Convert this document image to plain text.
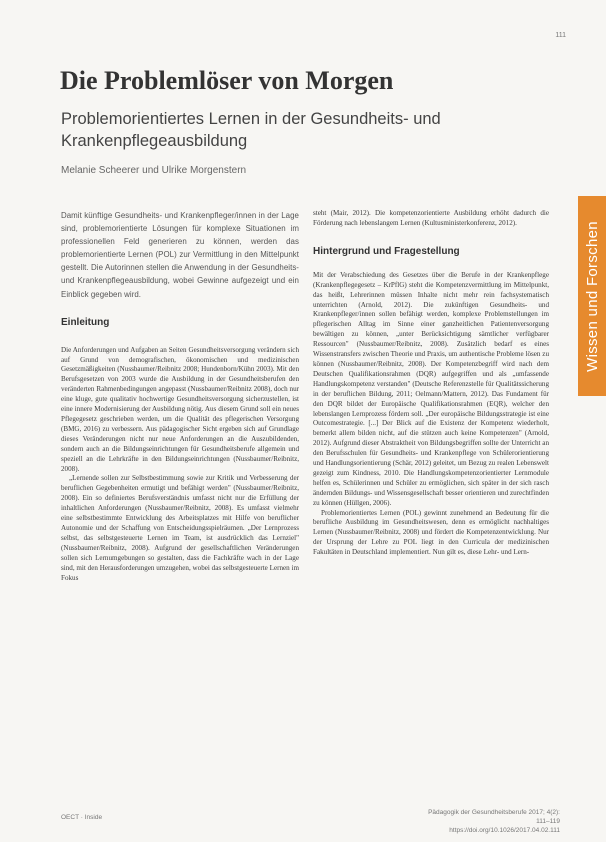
111
Die Problemlöser von Morgen

Problemorientiertes Lernen in der Gesundheits- und Krankenpflegeausbildung

Melanie Scheerer und Ulrike Morgenstern

Damit künftige Gesundheits- und Krankenpfleger/innen in der Lage sind, problemorientierte Lösungen für komplexe Situationen im professionellen Feld generieren zu können, werden das problemorientierte Lernen (POL) zur Vermittlung in den Mittelpunkt gestellt. Die Autorinnen stellen die Anwendung in der Gesundheits- und Krankenpflegeausbildung, wobei Gewinne aufgezeigt und ein Einblick gegeben wird.

Einleitung

Die Anforderungen und Aufgaben an Seiten Gesundheitsversorgung verändern sich auf Grund von demografischen, ökonomischen und medizinischen Gesetzmäßigkeiten (Nussbaumer/Reibnitz 2008; Hundenborn/Kühn 2003). Mit den Berufsgesetzen von 2003 wurde die Ausbildung in der Gesundheitsberufen den veränderten Rahmenbedingungen angepasst (Nussbaumer/Reibnitz 2008), doch nur eine kluge, gute qualitativ hochwertige Gesundheitsversorgung sicherzustellen, ist eine innere Modernisierung der Ausbildung nötig. Aus diesem Grund soll ein neues Pflegegesetz geschrieben werden, um die Qualität des pflegerischen Versorgung (BMG, 2016) zu verbessern. Aus pädagogischer Sicht ergeben sich auf Grundlage dieses Veränderungen nicht nur neue Anforderungen an die Auszubildenden, sondern auch an die Bildungseinrichtungen für Gesundheitsberufe allgemein und speziell an die Lehrkräfte in den Bildungseinrichtungen (Nussbaumer/Reibnitz, 2008).

„Lernende sollen zur Selbstbestimmung sowie zur Kritik und Verbesserung der beruflichen Gegebenheiten ermutigt und befähigt werden" (Nussbaumer/Reibnitz, 2008). Ein so definiertes Berufsverständnis umfasst nicht nur die Erfüllung der inhaltlichen Anforderungen (Nussbaumer/Reibnitz, 2008). Es umfasst vielmehr eine selbstbestimmte Entwicklung des Arbeitsplatzes mit Hilfe von beruflicher Autonomie und der Schaffung von Entscheidungsspielräumen. „Der Lernprozess selbst, das selbstgesteuerte Lernen im Team, ist ausdrücklich das Lernziel" (Nussbaumer/Reibnitz, 2008). Aufgrund der gesellschaftlichen Veränderungen sollen sich Lernumgebungen so gestalten, dass die Fachkräfte wach in der Lage sind, mit den Herausforderungen umzugehen, wobei das selbstgesteuerte Lernen im Fokus

steht (Mair, 2012). Die kompetenzorientierte Ausbildung erhöht dadurch die Förderung nach lebenslangem Lernen (Kultusministerkonferenz, 2012).

Hintergrund und Fragestellung

Mit der Verabschiedung des Gesetzes über die Berufe in der Krankenpflege (Krankenpflegegesetz – KrPflG) steht die Kompetenzvermittlung im Mittelpunkt, das heißt, Lehrerinnen müssen Inhalte nicht mehr rein fachsystematisch unterrichten (Arnold, 2012). Die zukünftigen Gesundheits- und Krankenpfleger/innen sollen befähigt werden, komplexe Problemstellungen im pflegerischen Alltag im Sinne einer ganzheitlichen Patientenversorgung bewältigen zu können, „unter Berücksichtigung sämtlicher verfügbarer Ressourcen" (Nussbaumer/Reibnitz, 2008). Zusätzlich bedarf es eines Wissenstransfers zwischen Theorie und Praxis, um authentische Probleme lösen zu können (Nussbaumer/Reibnitz, 2008). Der Kompetenzbegriff wird nach dem Deutschen Qualifikationsrahmen (DQR) aufgegriffen und als „umfassende Handlungskompetenz verstanden" (Deutsche Referenzstelle für Qualitätssicherung in der beruflichen Bildung, 2011; Oelmann/Mattern, 2012). Das Fundament für den DQR bildet der Europäische Qualifikationsrahmen (EQR), welcher den lebenslangen Lernprozess fördern soll. „Der europäische Bildungsstrategie ist eine Outcomestrategie. [...] Der Blick auf die Existenz der Kompetenz wiederholt, bemerkt allem bilden nicht, auf die stützen auch keine Kompetenzen" (Arnold, 2012). Aufgrund dieser Abstraktheit von Bildungsbegriffen sollte der Unterricht an den Berufsschulen für Gesundheits- und Krankenpflege von Schülerorientierung und Handlungsorientierung (Schär, 2012) geleitet, um Bezug zu realen Lebenswelt gezeigt zum Kindness, 2010. Die Handlungskompetenzorientierter Lernmodule helfen es, Schülerinnen und Schüler zu ermöglichen, sich später in der sich rasch ändernden Bildungs- und Wissensgesellschaft besser orientieren und zurechtfinden zu können (Hüllgen, 2006).

Problemorientiertes Lernen (POL) gewinnt zunehmend an Bedeutung für die berufliche Ausbildung im Gesundheitswesen, denn es ermöglicht nachhaltiges Lernen (Nussbaumer/Reibnitz, 2008) und fördert die Kompetenzentwicklung. Nur der Ursprung der Lehre zu POL liegt in den Curricula der medizinischen Fakultäten in Deutschland implementiert. Nun gilt es, diese Lehr- und Lern-

Wissen und Forschen
OECT · Inside
Pädagogik der Gesundheitsberufe 2017; 4(2): 111–119
https://doi.org/10.1026/2017.04.02.111
